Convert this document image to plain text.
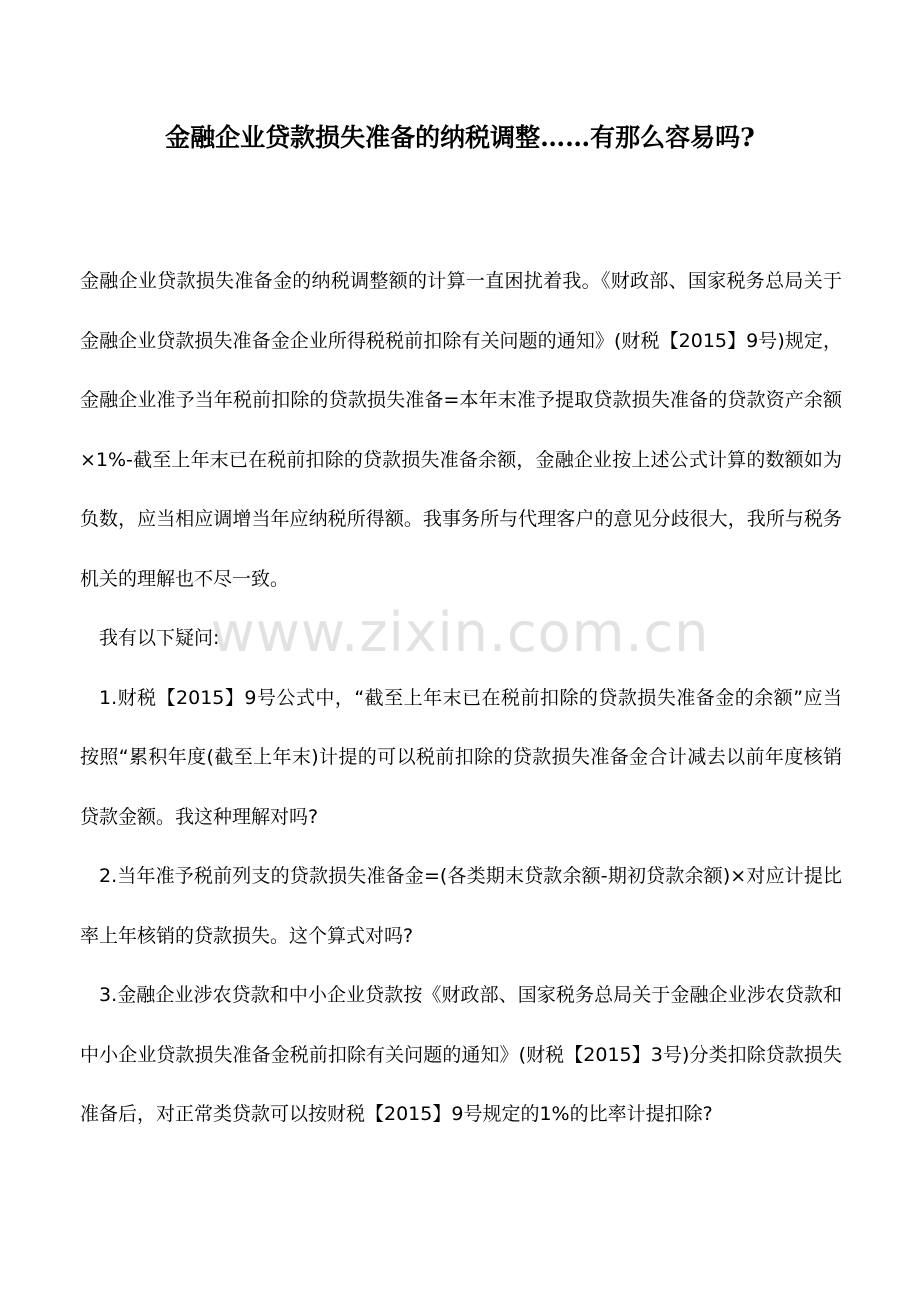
金融企业贷款损失准备的纳税调整……有那么容易吗?

金融企业贷款损失准备金的纳税调整额的计算一直困扰着我。《财政部、国家税务总局关于金融企业贷款损失准备金企业所得税税前扣除有关问题的通知》(财税【2015】9号)规定，金融企业准予当年税前扣除的贷款损失准备=本年末准予提取贷款损失准备的贷款资产余额×1%-截至上年末已在税前扣除的贷款损失准备余额，金融企业按上述公式计算的数额如为负数，应当相应调增当年应纳税所得额。我事务所与代理客户的意见分歧很大，我所与税务机关的理解也不尽一致。

我有以下疑问:

1.财税【2015】9号公式中，“截至上年末已在税前扣除的贷款损失准备金的余额”应当按照“累积年度(截至上年末)计提的可以税前扣除的贷款损失准备金合计减去以前年度核销贷款金额。我这种理解对吗?

2.当年准予税前列支的贷款损失准备金=(各类期末贷款余额-期初贷款余额)×对应计提比率上年核销的贷款损失。这个算式对吗?

3.金融企业涉农贷款和中小企业贷款按《财政部、国家税务总局关于金融企业涉农贷款和中小企业贷款损失准备金税前扣除有关问题的通知》(财税【2015】3号)分类扣除贷款损失准备后，对正常类贷款可以按财税【2015】9号规定的1%的比率计提扣除?

www.zixin.com.cn
